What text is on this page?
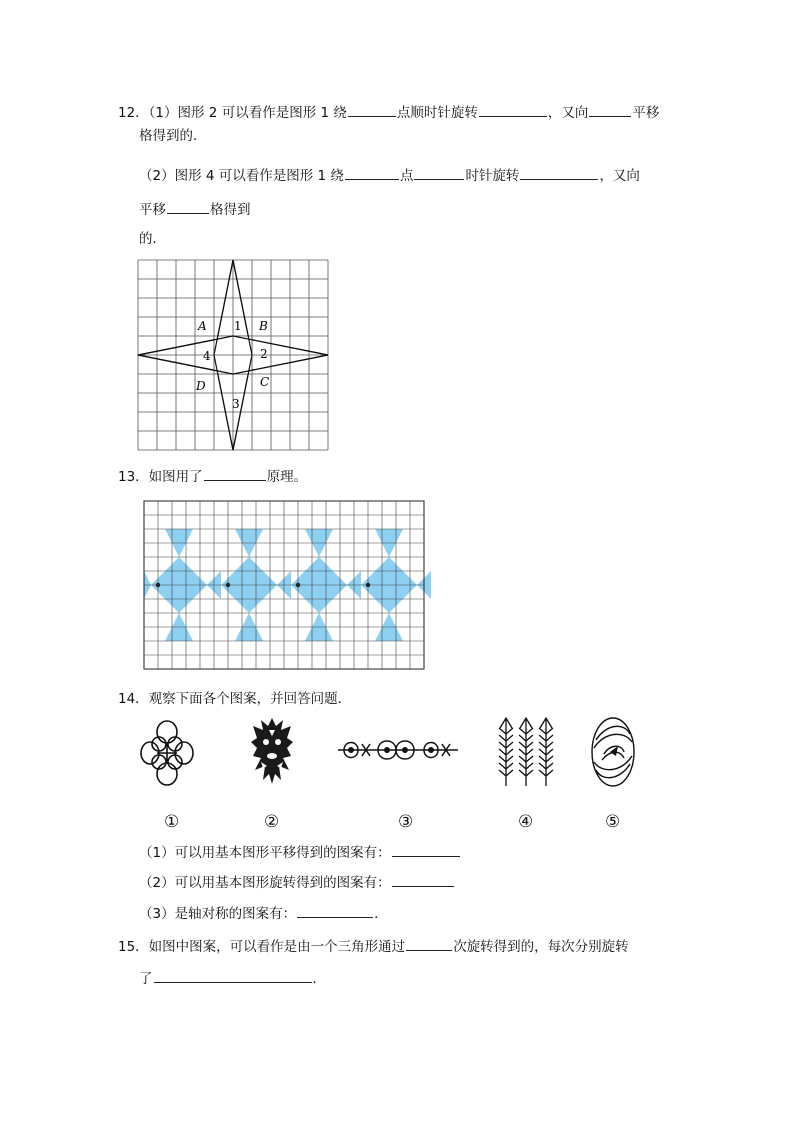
12．（1）图形 2 可以看作是图形 1 绕	点顺时针旋转	，又向	平移
格得到的．
（2）图形 4 可以看作是图形 1 绕	点	时针旋转	，又向
平移	格得到
的．
A	B
C
D
1
2
3
4
13．如图用了	原理。
14．观察下面各个图案，并回答问题．
①	②	③	④	⑤
（1）可以用基本图形平移得到的图案有：
（2）可以用基本图形旋转得到的图案有：
（3）是轴对称的图案有：	．
15．如图中图案，可以看作是由一个三角形通过	次旋转得到的，每次分别旋转
了	．
